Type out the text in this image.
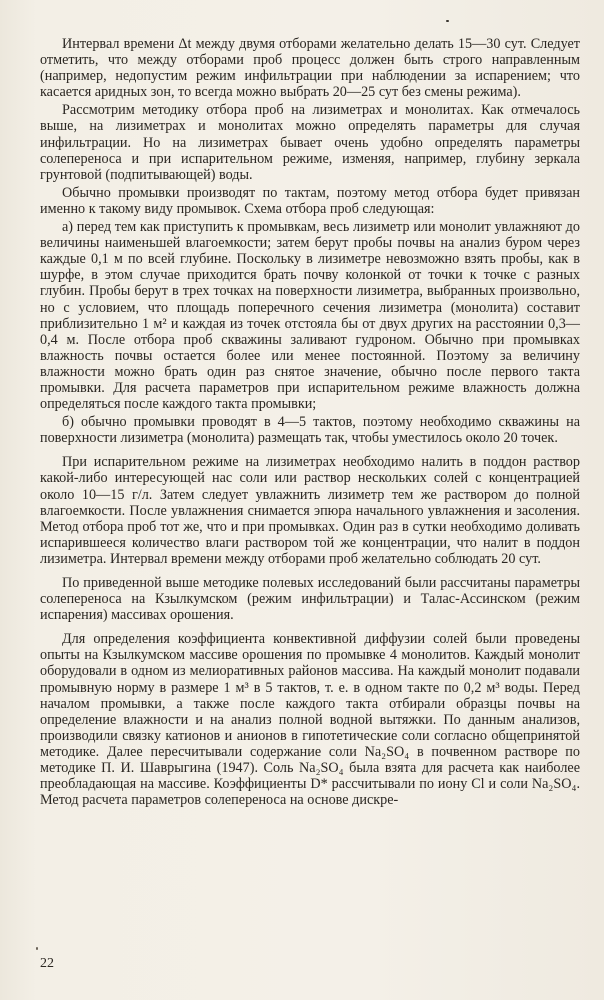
Интервал времени Δt между двумя отборами желательно делать 15—30 сут. Следует отметить, что между отборами проб процесс должен быть строго направленным (например, недопустим режим инфильтрации при наблюдении за испарением; что касается аридных зон, то всегда можно выбрать 20—25 сут без смены режима).

Рассмотрим методику отбора проб на лизиметрах и монолитах. Как отмечалось выше, на лизиметрах и монолитах можно определять параметры для случая инфильтрации. Но на лизиметрах бывает очень удобно определять параметры солепереноса и при испарительном режиме, изменяя, например, глубину зеркала грунтовой (подпитывающей) воды.

Обычно промывки производят по тактам, поэтому метод отбора будет привязан именно к такому виду промывок. Схема отбора проб следующая:

а) перед тем как приступить к промывкам, весь лизиметр или монолит увлажняют до величины наименьшей влагоемкости; затем берут пробы почвы на анализ буром через каждые 0,1 м по всей глубине. Поскольку в лизиметре невозможно взять пробы, как в шурфе, в этом случае приходится брать почву колонкой от точки к точке с разных глубин. Пробы берут в трех точках на поверхности лизиметра, выбранных произвольно, но с условием, что площадь поперечного сечения лизиметра (монолита) составит приблизительно 1 м² и каждая из точек отстояла бы от двух других на расстоянии 0,3—0,4 м. После отбора проб скважины заливают гудроном. Обычно при промывках влажность почвы остается более или менее постоянной. Поэтому за величину влажности можно брать один раз снятое значение, обычно после первого такта промывки. Для расчета параметров при испарительном режиме влажность должна определяться после каждого такта промывки;

б) обычно промывки проводят в 4—5 тактов, поэтому необходимо скважины на поверхности лизиметра (монолита) размещать так, чтобы уместилось около 20 точек.

При испарительном режиме на лизиметрах необходимо налить в поддон раствор какой-либо интересующей нас соли или раствор нескольких солей с концентрацией около 10—15 г/л. Затем следует увлажнить лизиметр тем же раствором до полной влагоемкости. После увлажнения снимается эпюра начального увлажнения и засоления. Метод отбора проб тот же, что и при промывках. Один раз в сутки необходимо доливать испарившееся количество влаги раствором той же концентрации, что налит в поддон лизиметра. Интервал времени между отборами проб желательно соблюдать 20 сут.

По приведенной выше методике полевых исследований были рассчитаны параметры солепереноса на Кзылкумском (режим инфильтрации) и Талас-Ассинском (режим испарения) массивах орошения.

Для определения коэффициента конвективной диффузии солей были проведены опыты на Кзылкумском массиве орошения по промывке 4 монолитов. Каждый монолит оборудовали в одном из мелиоративных районов массива. На каждый монолит подавали промывную норму в размере 1 м³ в 5 тактов, т. е. в одном такте по 0,2 м³ воды. Перед началом промывки, а также после каждого такта отбирали образцы почвы на определение влажности и на анализ полной водной вытяжки. По данным анализов, производили связку катионов и анионов в гипотетические соли согласно общепринятой методике. Далее пересчитывали содержание соли Na₂SO₄ в почвенном растворе по методике П. И. Шаврыгина (1947). Соль Na₂SO₄ была взята для расчета как наиболее преобладающая на массиве. Коэффициенты D* рассчитывали по иону Cl и соли Na₂SO₄. Метод расчета параметров солепереноса на основе дискре-

22
